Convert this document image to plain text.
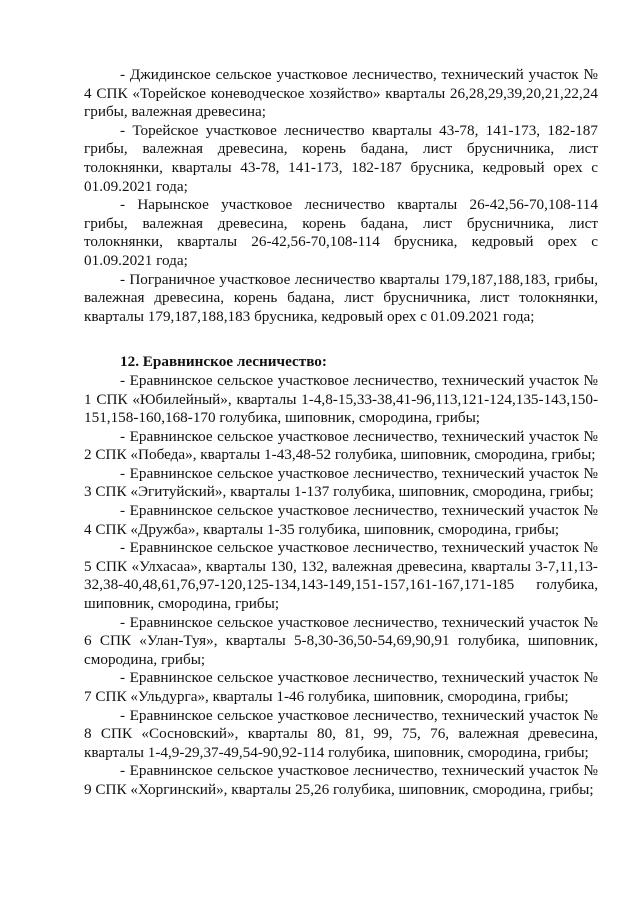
- Джидинское сельское участковое лесничество, технический участок № 4 СПК «Торейское коневодческое хозяйство» кварталы 26,28,29,39,20,21,22,24 грибы, валежная древесина;

- Торейское участковое лесничество кварталы 43-78, 141-173, 182-187 грибы, валежная древесина, корень бадана, лист брусничника, лист толокнянки, кварталы 43-78, 141-173, 182-187 брусника, кедровый орех с 01.09.2021 года;

- Нарынское участковое лесничество кварталы 26-42,56-70,108-114 грибы, валежная древесина, корень бадана, лист брусничника, лист толокнянки, кварталы 26-42,56-70,108-114 брусника, кедровый орех с 01.09.2021 года;

- Пограничное участковое лесничество кварталы 179,187,188,183, грибы, валежная древесина, корень бадана, лист брусничника, лист толокнянки, кварталы 179,187,188,183 брусника, кедровый орех с 01.09.2021 года;

12. Еравнинское лесничество:

- Еравнинское сельское участковое лесничество, технический участок № 1 СПК «Юбилейный», кварталы 1-4,8-15,33-38,41-96,113,121-124,135-143,150-151,158-160,168-170 голубика, шиповник, смородина, грибы;

- Еравнинское сельское участковое лесничество, технический участок № 2 СПК «Победа», кварталы 1-43,48-52 голубика, шиповник, смородина, грибы;

- Еравнинское сельское участковое лесничество, технический участок № 3 СПК «Эгитуйский», кварталы 1-137 голубика, шиповник, смородина, грибы;

- Еравнинское сельское участковое лесничество, технический участок № 4 СПК «Дружба», кварталы 1-35 голубика, шиповник, смородина, грибы;

- Еравнинское сельское участковое лесничество, технический участок № 5 СПК «Улхасаа», кварталы 130, 132, валежная древесина, кварталы 3-7,11,13-32,38-40,48,61,76,97-120,125-134,143-149,151-157,161-167,171-185 голубика, шиповник, смородина, грибы;

- Еравнинское сельское участковое лесничество, технический участок № 6 СПК «Улан-Туя», кварталы 5-8,30-36,50-54,69,90,91 голубика, шиповник, смородина, грибы;

- Еравнинское сельское участковое лесничество, технический участок № 7 СПК «Ульдурга», кварталы 1-46 голубика, шиповник, смородина, грибы;

- Еравнинское сельское участковое лесничество, технический участок № 8 СПК «Сосновский», кварталы 80, 81, 99, 75, 76, валежная древесина, кварталы 1-4,9-29,37-49,54-90,92-114 голубика, шиповник, смородина, грибы;

- Еравнинское сельское участковое лесничество, технический участок № 9 СПК «Хоргинский», кварталы 25,26 голубика, шиповник, смородина, грибы;
